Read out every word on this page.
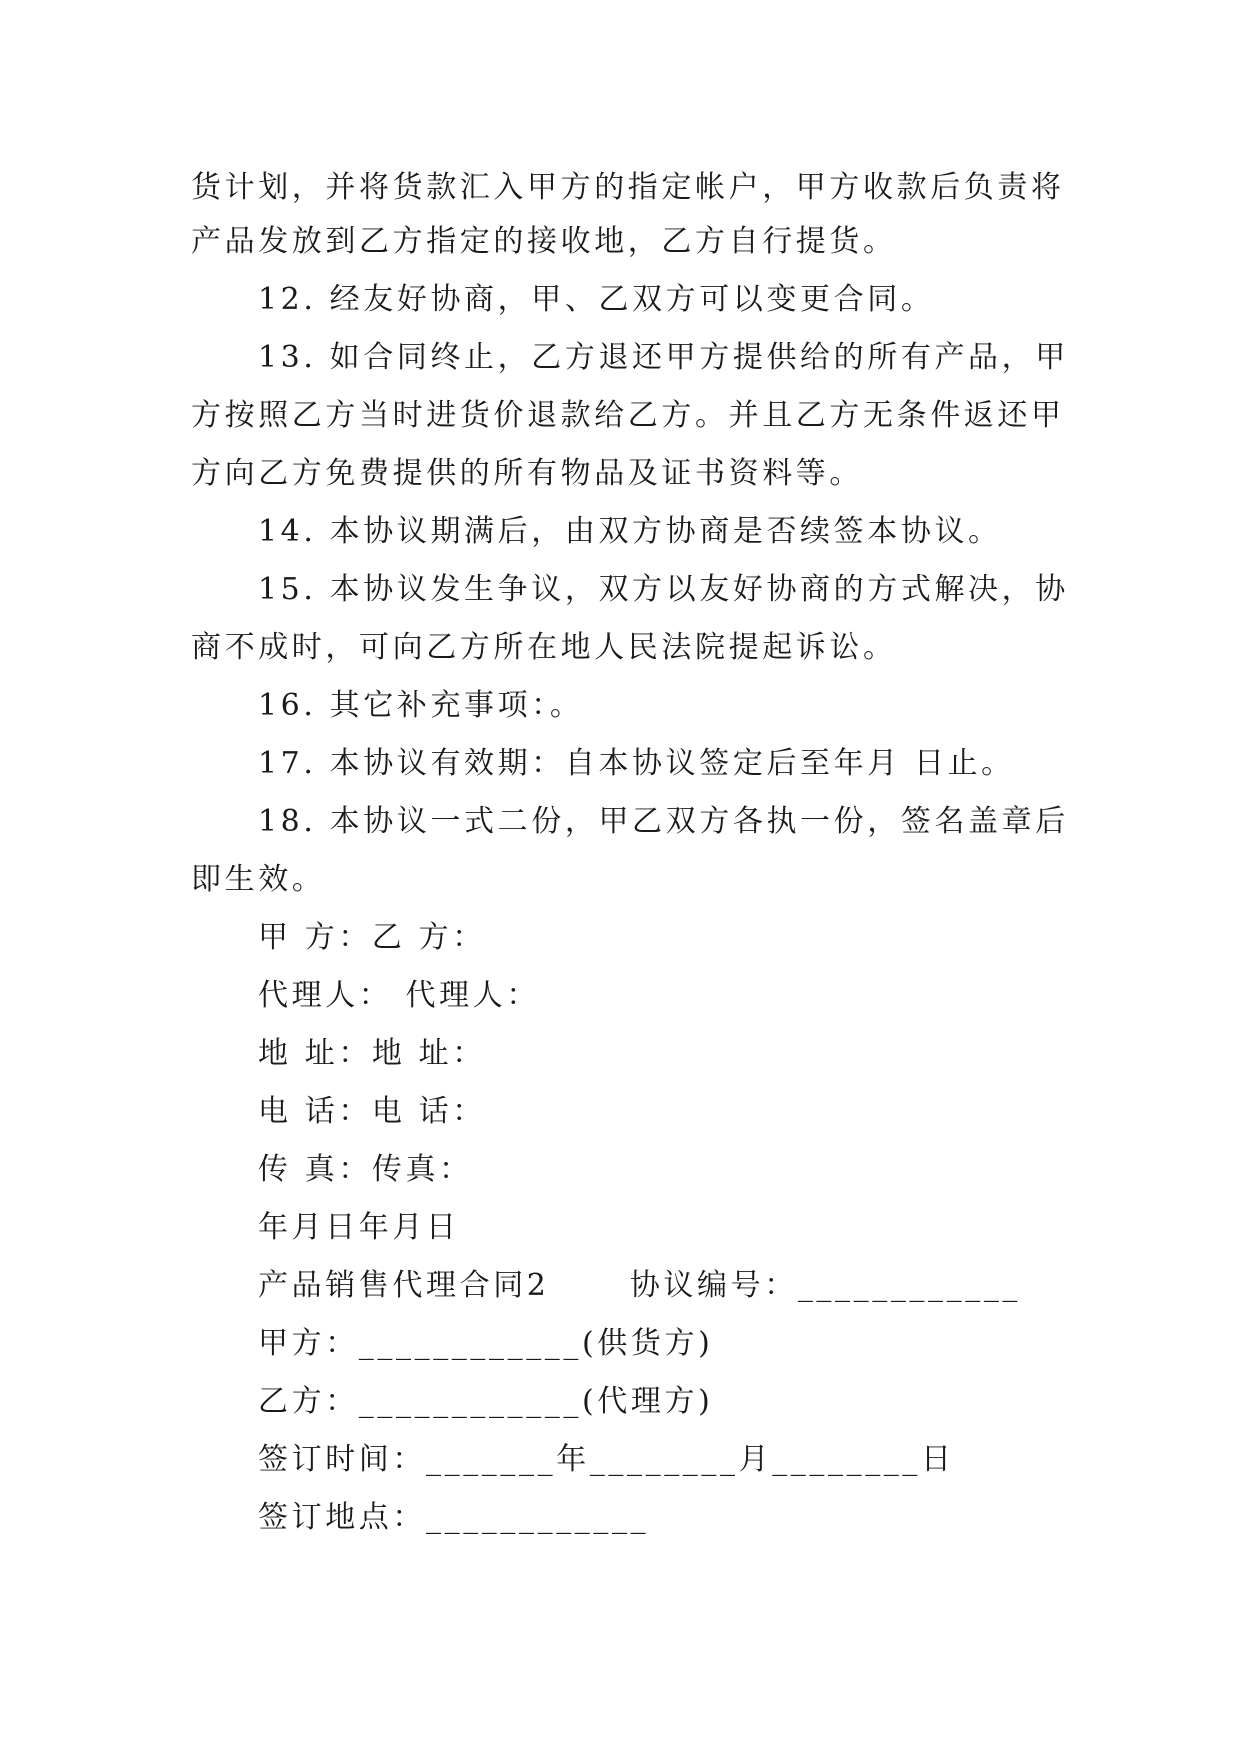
货计划，并将货款汇入甲方的指定帐户，甲方收款后负责将
产品发放到乙方指定的接收地，乙方自行提货。
12. 经友好协商，甲、乙双方可以变更合同。
13. 如合同终止，乙方退还甲方提供给的所有产品，甲
方按照乙方当时进货价退款给乙方。并且乙方无条件返还甲
方向乙方免费提供的所有物品及证书资料等。
14. 本协议期满后，由双方协商是否续签本协议。
15. 本协议发生争议，双方以友好协商的方式解决，协
商不成时，可向乙方所在地人民法院提起诉讼。
16. 其它补充事项：。
17. 本协议有效期：自本协议签定后至年月 日止。
18. 本协议一式二份，甲乙双方各执一份，签名盖章后
即生效。
甲 方：乙 方：
代理人： 代理人：
地 址：地 址：
电 话：电 话：
传 真：传真：
年月日年月日
产品销售代理合同2　　 协议编号：____________
甲方：____________(供货方)
乙方：____________(代理方)
签订时间：_______年________月________日
签订地点：____________
